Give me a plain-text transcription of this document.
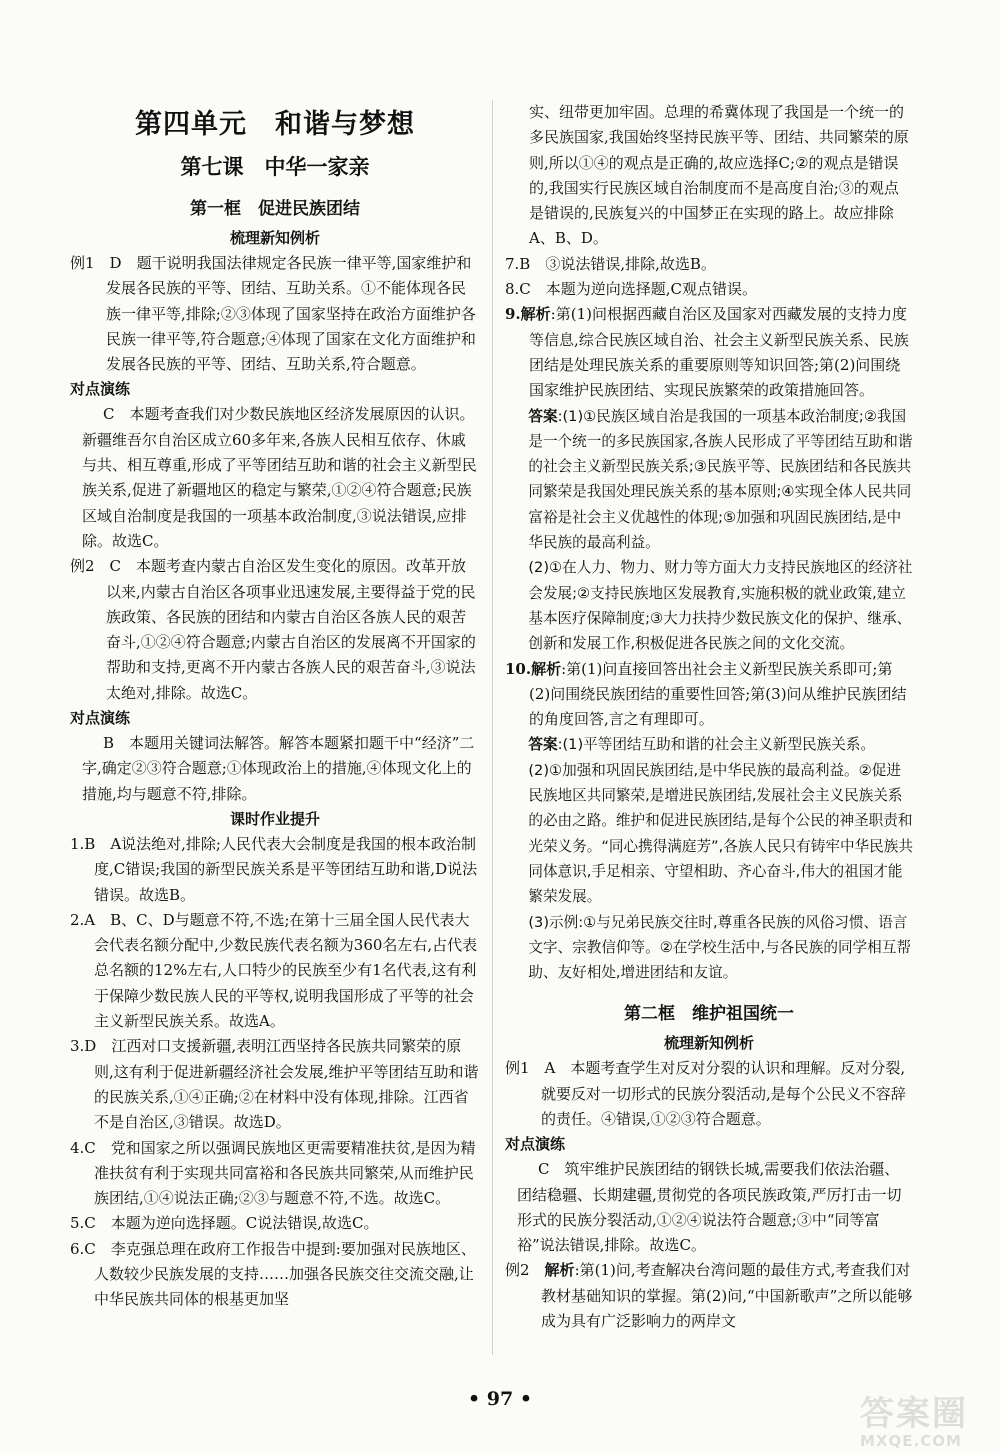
第四单元　和谐与梦想
第七课　中华一家亲
第一框　促进民族团结
梳理新知例析

例1　D　题干说明我国法律规定各民族一律平等,国家维护和发展各民族的平等、团结、互助关系。①不能体现各民族一律平等,排除;②③体现了国家坚持在政治方面维护各民族一律平等,符合题意;④体现了国家在文化方面维护和发展各民族的平等、团结、互助关系,符合题意。

对点演练

C　本题考查我们对少数民族地区经济发展原因的认识。新疆维吾尔自治区成立60多年来,各族人民相互依存、休戚与共、相互尊重,形成了平等团结互助和谐的社会主义新型民族关系,促进了新疆地区的稳定与繁荣,①②④符合题意;民族区域自治制度是我国的一项基本政治制度,③说法错误,应排除。故选C。

例2　C　本题考查内蒙古自治区发生变化的原因。改革开放以来,内蒙古自治区各项事业迅速发展,主要得益于党的民族政策、各民族的团结和内蒙古自治区各族人民的艰苦奋斗,①②④符合题意;内蒙古自治区的发展离不开国家的帮助和支持,更离不开内蒙古各族人民的艰苦奋斗,③说法太绝对,排除。故选C。

对点演练

B　本题用关键词法解答。解答本题紧扣题干中“经济”二字,确定②③符合题意;①体现政治上的措施,④体现文化上的措施,均与题意不符,排除。

课时作业提升

1.B　A说法绝对,排除;人民代表大会制度是我国的根本政治制度,C错误;我国的新型民族关系是平等团结互助和谐,D说法错误。故选B。

2.A　B、C、D与题意不符,不选;在第十三届全国人民代表大会代表名额分配中,少数民族代表名额为360名左右,占代表总名额的12%左右,人口特少的民族至少有1名代表,这有利于保障少数民族人民的平等权,说明我国形成了平等的社会主义新型民族关系。故选A。

3.D　江西对口支援新疆,表明江西坚持各民族共同繁荣的原则,这有利于促进新疆经济社会发展,维护平等团结互助和谐的民族关系,①④正确;②在材料中没有体现,排除。江西省不是自治区,③错误。故选D。

4.C　党和国家之所以强调民族地区更需要精准扶贫,是因为精准扶贫有利于实现共同富裕和各民族共同繁荣,从而维护民族团结,①④说法正确;②③与题意不符,不选。故选C。

5.C　本题为逆向选择题。C说法错误,故选C。

6.C　李克强总理在政府工作报告中提到:要加强对民族地区、人数较少民族发展的支持……加强各民族交往交流交融,让中华民族共同体的根基更加坚

实、纽带更加牢固。总理的希冀体现了我国是一个统一的多民族国家,我国始终坚持民族平等、团结、共同繁荣的原则,所以①④的观点是正确的,故应选择C;②的观点是错误的,我国实行民族区域自治制度而不是高度自治;③的观点是错误的,民族复兴的中国梦正在实现的路上。故应排除A、B、D。

7.B　③说法错误,排除,故选B。

8.C　本题为逆向选择题,C观点错误。

9.解析:第(1)问根据西藏自治区及国家对西藏发展的支持力度等信息,综合民族区域自治、社会主义新型民族关系、民族团结是处理民族关系的重要原则等知识回答;第(2)问围绕国家维护民族团结、实现民族繁荣的政策措施回答。

答案:(1)①民族区域自治是我国的一项基本政治制度;②我国是一个统一的多民族国家,各族人民形成了平等团结互助和谐的社会主义新型民族关系;③民族平等、民族团结和各民族共同繁荣是我国处理民族关系的基本原则;④实现全体人民共同富裕是社会主义优越性的体现;⑤加强和巩固民族团结,是中华民族的最高利益。

(2)①在人力、物力、财力等方面大力支持民族地区的经济社会发展;②支持民族地区发展教育,实施积极的就业政策,建立基本医疗保障制度;③大力扶持少数民族文化的保护、继承、创新和发展工作,积极促进各民族之间的文化交流。

10.解析:第(1)问直接回答出社会主义新型民族关系即可;第(2)问围绕民族团结的重要性回答;第(3)问从维护民族团结的角度回答,言之有理即可。

答案:(1)平等团结互助和谐的社会主义新型民族关系。

(2)①加强和巩固民族团结,是中华民族的最高利益。②促进民族地区共同繁荣,是增进民族团结,发展社会主义民族关系的必由之路。维护和促进民族团结,是每个公民的神圣职责和光荣义务。“同心携得满庭芳”,各族人民只有铸牢中华民族共同体意识,手足相亲、守望相助、齐心奋斗,伟大的祖国才能繁荣发展。

(3)示例:①与兄弟民族交往时,尊重各民族的风俗习惯、语言文字、宗教信仰等。②在学校生活中,与各民族的同学相互帮助、友好相处,增进团结和友谊。

第二框　维护祖国统一
梳理新知例析

例1　A　本题考查学生对反对分裂的认识和理解。反对分裂,就要反对一切形式的民族分裂活动,是每个公民义不容辞的责任。④错误,①②③符合题意。

对点演练

C　筑牢维护民族团结的钢铁长城,需要我们依法治疆、团结稳疆、长期建疆,贯彻党的各项民族政策,严厉打击一切形式的民族分裂活动,①②④说法符合题意;③中“同等富裕”说法错误,排除。故选C。

例2　解析:第(1)问,考查解决台湾问题的最佳方式,考查我们对教材基础知识的掌握。第(2)问,“中国新歌声”之所以能够成为具有广泛影响力的两岸文

• 97 •	答案圈
MXQE.COM
